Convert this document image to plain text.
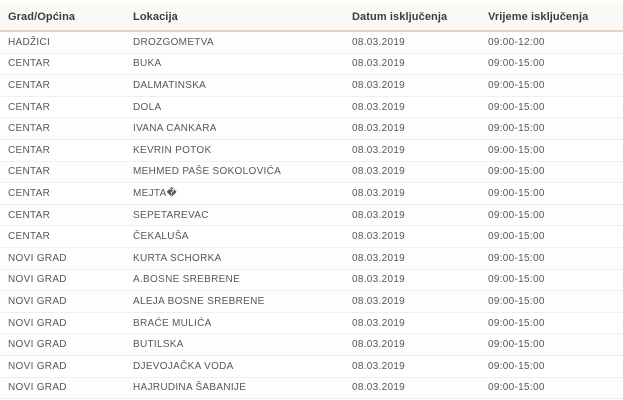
Grad/Općina	Lokacija	Datum isključenja	Vrijeme isključenja
HADŽICI	DROZGOMETVA	08.03.2019	09:00-12:00
CENTAR	BUKA	08.03.2019	09:00-15:00
CENTAR	DALMATINSKA	08.03.2019	09:00-15:00
CENTAR	DOLA	08.03.2019	09:00-15:00
CENTAR	IVANA CANKARA	08.03.2019	09:00-15:00
CENTAR	KEVRIN POTOK	08.03.2019	09:00-15:00
CENTAR	MEHMED PAŠE SOKOLOVIĆA	08.03.2019	09:00-15:00
CENTAR	MEJTA�	08.03.2019	09:00-15:00
CENTAR	SEPETAREVAC	08.03.2019	09:00-15:00
CENTAR	ČEKALUŠA	08.03.2019	09:00-15:00
NOVI GRAD	KURTA SCHORKA	08.03.2019	09:00-15:00
NOVI GRAD	A.BOSNE SREBRENE	08.03.2019	09:00-15:00
NOVI GRAD	ALEJA BOSNE SREBRENE	08.03.2019	09:00-15:00
NOVI GRAD	BRAĆE MULIĆA	08.03.2019	09:00-15:00
NOVI GRAD	BUTILSKA	08.03.2019	09:00-15:00
NOVI GRAD	DJEVOJAČKA VODA	08.03.2019	09:00-15:00
NOVI GRAD	HAJRUDINA ŠABANIJE	08.03.2019	09:00-15:00
